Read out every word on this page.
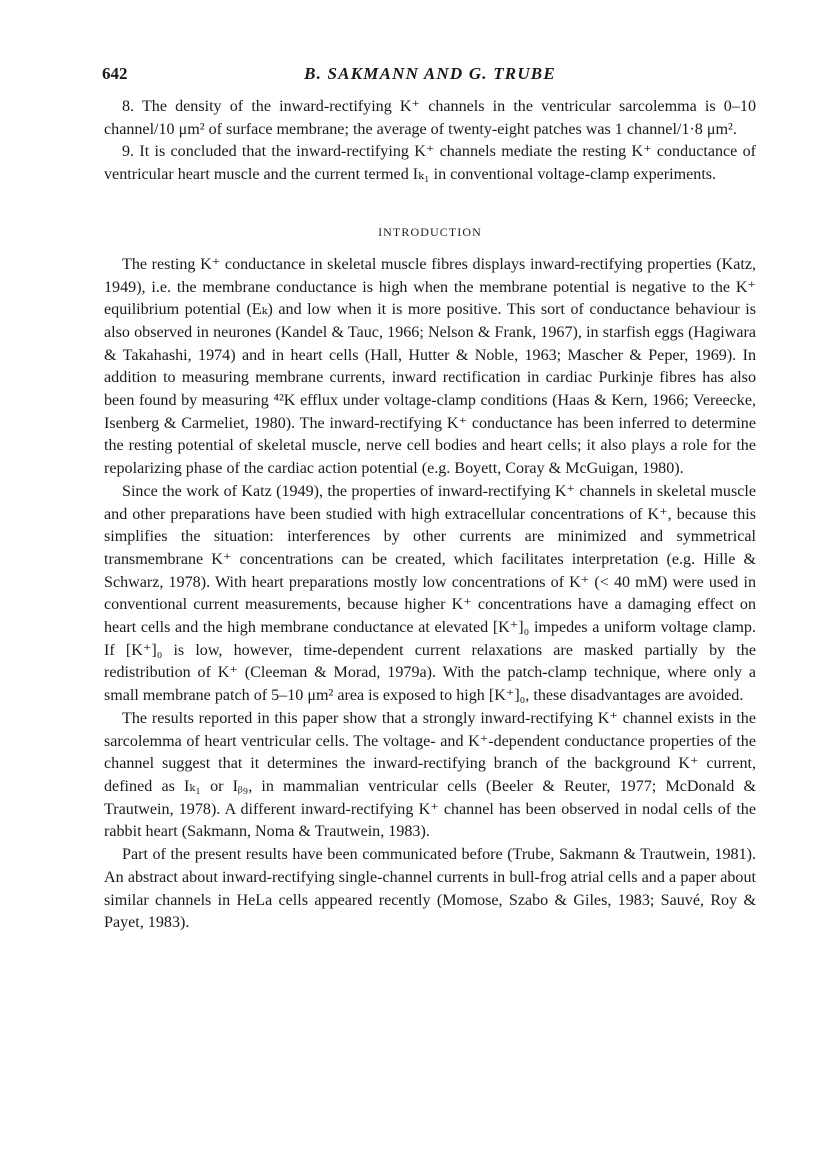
642	B. SAKMANN AND G. TRUBE

8. The density of the inward-rectifying K⁺ channels in the ventricular sarcolemma is 0–10 channel/10 μm² of surface membrane; the average of twenty-eight patches was 1 channel/1·8 μm².

9. It is concluded that the inward-rectifying K⁺ channels mediate the resting K⁺ conductance of ventricular heart muscle and the current termed Iₖ₁ in conventional voltage-clamp experiments.

INTRODUCTION

The resting K⁺ conductance in skeletal muscle fibres displays inward-rectifying properties (Katz, 1949), i.e. the membrane conductance is high when the membrane potential is negative to the K⁺ equilibrium potential (Eₖ) and low when it is more positive. This sort of conductance behaviour is also observed in neurones (Kandel & Tauc, 1966; Nelson & Frank, 1967), in starfish eggs (Hagiwara & Takahashi, 1974) and in heart cells (Hall, Hutter & Noble, 1963; Mascher & Peper, 1969). In addition to measuring membrane currents, inward rectification in cardiac Purkinje fibres has also been found by measuring ⁴²K efflux under voltage-clamp conditions (Haas & Kern, 1966; Vereecke, Isenberg & Carmeliet, 1980). The inward-rectifying K⁺ conductance has been inferred to determine the resting potential of skeletal muscle, nerve cell bodies and heart cells; it also plays a role for the repolarizing phase of the cardiac action potential (e.g. Boyett, Coray & McGuigan, 1980).

Since the work of Katz (1949), the properties of inward-rectifying K⁺ channels in skeletal muscle and other preparations have been studied with high extracellular concentrations of K⁺, because this simplifies the situation: interferences by other currents are minimized and symmetrical transmembrane K⁺ concentrations can be created, which facilitates interpretation (e.g. Hille & Schwarz, 1978). With heart preparations mostly low concentrations of K⁺ (< 40 mM) were used in conventional current measurements, because higher K⁺ concentrations have a damaging effect on heart cells and the high membrane conductance at elevated [K⁺]₀ impedes a uniform voltage clamp. If [K⁺]₀ is low, however, time-dependent current relaxations are masked partially by the redistribution of K⁺ (Cleeman & Morad, 1979a). With the patch-clamp technique, where only a small membrane patch of 5–10 μm² area is exposed to high [K⁺]₀, these disadvantages are avoided.

The results reported in this paper show that a strongly inward-rectifying K⁺ channel exists in the sarcolemma of heart ventricular cells. The voltage- and K⁺-dependent conductance properties of the channel suggest that it determines the inward-rectifying branch of the background K⁺ current, defined as Iₖ₁ or Iᵦ₉, in mammalian ventricular cells (Beeler & Reuter, 1977; McDonald & Trautwein, 1978). A different inward-rectifying K⁺ channel has been observed in nodal cells of the rabbit heart (Sakmann, Noma & Trautwein, 1983).

Part of the present results have been communicated before (Trube, Sakmann & Trautwein, 1981). An abstract about inward-rectifying single-channel currents in bull-frog atrial cells and a paper about similar channels in HeLa cells appeared recently (Momose, Szabo & Giles, 1983; Sauvé, Roy & Payet, 1983).
